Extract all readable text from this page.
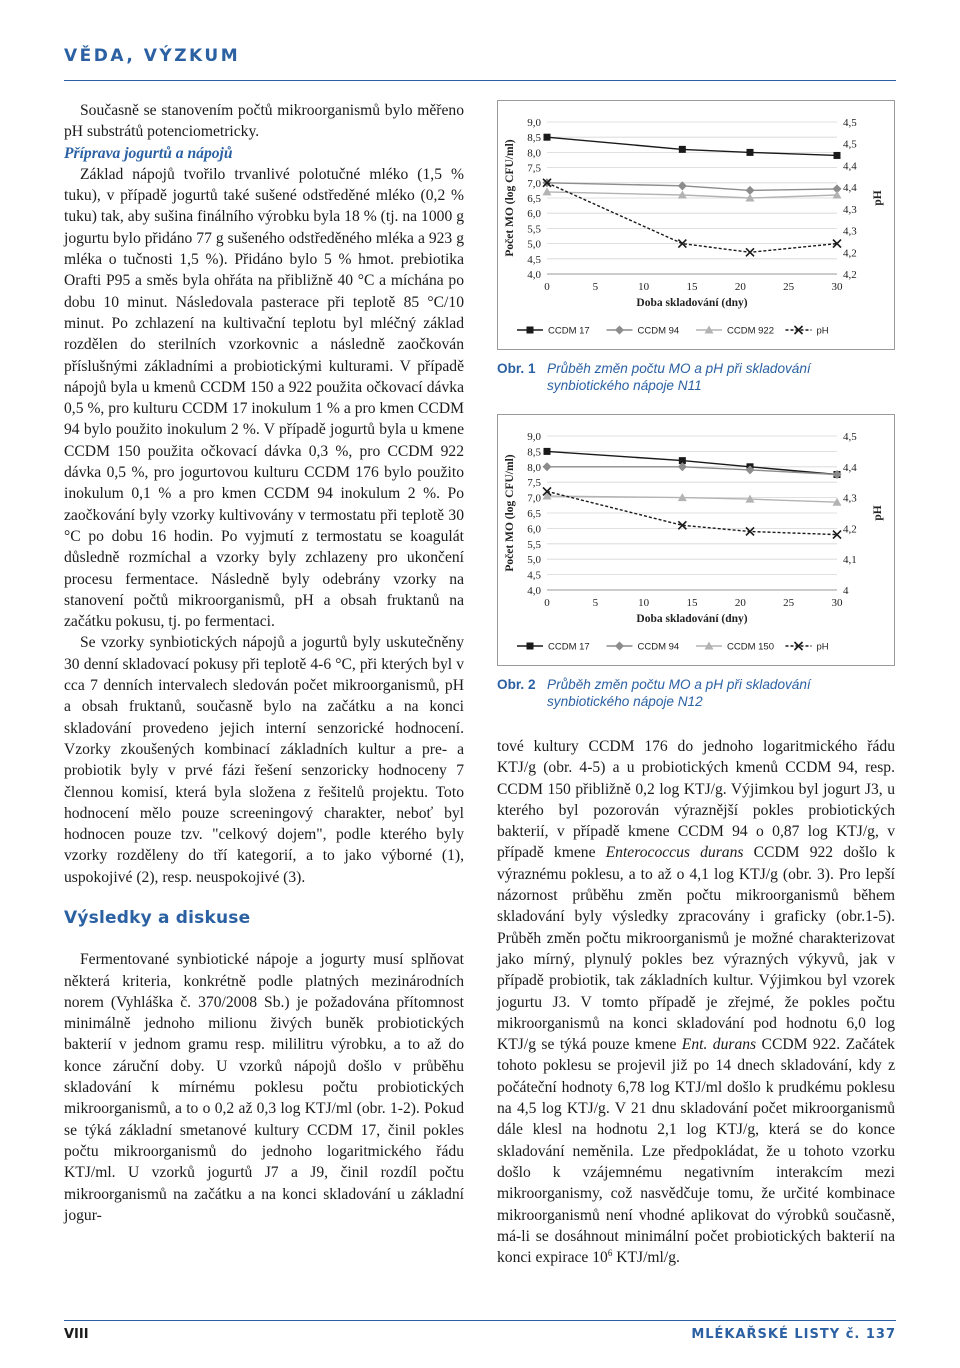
VĚDA, VÝZKUM

Současně se stanovením počtů mikroorganismů bylo měřeno pH substrátů potenciometricky.

Příprava jogurtů a nápojů

Základ nápojů tvořilo trvanlivé polotučné mléko (1,5 % tuku), v případě jogurtů také sušené odstředěné mléko (0,2 % tuku) tak, aby sušina finálního výrobku byla 18 % (tj. na 1000 g jogurtu bylo přidáno 77 g sušeného odstředěného mléka a 923 g mléka o tučnosti 1,5 %). Přidáno bylo 5 % hmot. prebiotika Orafti P95 a směs byla ohřáta na přibližně 40 °C a míchána po dobu 10 minut. Následovala pasterace při teplotě 85 °C/10 minut. Po zchlazení na kultivační teplotu byl mléčný základ rozdělen do sterilních vzorkovnic a následně zaočkován příslušnými základními a probiotickými kulturami. V případě nápojů byla u kmenů CCDM 150 a 922 použita očkovací dávka 0,5 %, pro kulturu CCDM 17 inokulum 1 % a pro kmen CCDM 94 bylo použito inokulum 2 %. V případě jogurtů byla u kmene CCDM 150 použita očkovací dávka 0,3 %, pro CCDM 922 dávka 0,5 %, pro jogurtovou kulturu CCDM 176 bylo použito inokulum 0,1 % a pro kmen CCDM 94 inokulum 2 %. Po zaočkování byly vzorky kultivovány v termostatu při teplotě 30 °C po dobu 16 hodin. Po vyjmutí z termostatu se koagulát důsledně rozmíchal a vzorky byly zchlazeny pro ukončení procesu fermentace. Následně byly odebrány vzorky na stanovení počtů mikroorganismů, pH a obsah fruktanů na začátku pokusu, tj. po fermentaci.

Se vzorky synbiotických nápojů a jogurtů byly uskutečněny 30 denní skladovací pokusy při teplotě 4-6 °C, při kterých byl v cca 7 denních intervalech sledován počet mikroorganismů, pH a obsah fruktanů, současně bylo na začátku a na konci skladování provedeno jejich interní senzorické hodnocení. Vzorky zkoušených kombinací základních kultur a pre- a probiotik byly v prvé fázi řešení senzoricky hodnoceny 7 člennou komisí, která byla složena z řešitelů projektu. Toto hodnocení mělo pouze screeningový charakter, neboť byl hodnocen pouze tzv. "celkový dojem", podle kterého byly vzorky rozděleny do tří kategorií, a to jako výborné (1), uspokojivé (2), resp. neuspokojivé (3).

Výsledky a diskuse

Fermentované synbiotické nápoje a jogurty musí splňovat některá kriteria, konkrétně podle platných mezinárodních norem (Vyhláška č. 370/2008 Sb.) je požadována přítomnost minimálně jednoho milionu živých buněk probiotických bakterií v jednom gramu resp. mililitru výrobku, a to až do konce záruční doby. U vzorků nápojů došlo v průběhu skladování k mírnému poklesu počtu probiotických mikroorganismů, a to o 0,2 až 0,3 log KTJ/ml (obr. 1-2). Pokud se týká základní smetanové kultury CCDM 17, činil pokles počtu mikroorganismů do jednoho logaritmického řádu KTJ/ml. U vzorků jogurtů J7 a J9, činil rozdíl počtu mikroorganismů na začátku a na konci skladování u základní jogur-

4,0
4,5
5,0
5,5
6,0
6,5
7,0
7,5
8,0
8,5
9,0
4,2
4,2
4,3
4,3
4,4
4,4
4,5
4,5
0	5	10	15	20	25	30
Doba skladování (dny)
Počet MO (log CFU/ml)	pH
CCDM 17	CCDM 94	CCDM 922	pH
Obr. 1 Průběh změn počtu MO a pH při skladování
synbiotického nápoje N11
4,0
4,5
5,0
5,5
6,0
6,5
7,0
7,5
8,0
8,5
9,0
4
4,1
4,2
4,3
4,4
4,5
0	5	10	15	20	25	30
Doba skladování (dny)
Počet MO (log CFU/ml)	pH
CCDM 17	CCDM 94	CCDM 150	pH
Obr. 2 Průběh změn počtu MO a pH při skladování
synbiotického nápoje N12

tové kultury CCDM 176 do jednoho logaritmického řádu KTJ/g (obr. 4-5) a u probiotických kmenů CCDM 94, resp. CCDM 150 přibližně 0,2 log KTJ/g. Výjimkou byl jogurt J3, u kterého byl pozorován výraznější pokles probiotických bakterií, v případě kmene CCDM 94 o 0,87 log KTJ/g, v případě kmene Enterococcus durans CCDM 922 došlo k výraznému poklesu, a to až o 4,1 log KTJ/g (obr. 3). Pro lepší názornost průběhu změn počtu mikroorganismů během skladování byly výsledky zpracovány i graficky (obr.1-5). Průběh změn počtu mikroorganismů je možné charakterizovat jako mírný, plynulý pokles bez výrazných výkyvů, jak v případě probiotik, tak základních kultur. Výjimkou byl vzorek jogurtu J3. V tomto případě je zřejmé, že pokles počtu mikroorganismů na konci skladování pod hodnotu 6,0 log KTJ/g se týká pouze kmene Ent. durans CCDM 922. Začátek tohoto poklesu se projevil již po 14 dnech skladování, kdy z počáteční hodnoty 6,78 log KTJ/ml došlo k prudkému poklesu na 4,5 log KTJ/g. V 21 dnu skladování počet mikroorganismů dále klesl na hodnotu 2,1 log KTJ/g, která se do konce skladování neměnila. Lze předpokládat, že u tohoto vzorku došlo k vzájemnému negativním interakcím mezi mikroorganismy, což nasvědčuje tomu, že určité kombinace mikroorganismů není vhodné aplikovat do výrobků současně, má-li se dosáhnout minimální počet probiotických bakterií na konci expirace $10^6$ KTJ/ml/g.

VIII	MLÉKAŘSKÉ LISTY č. 137
